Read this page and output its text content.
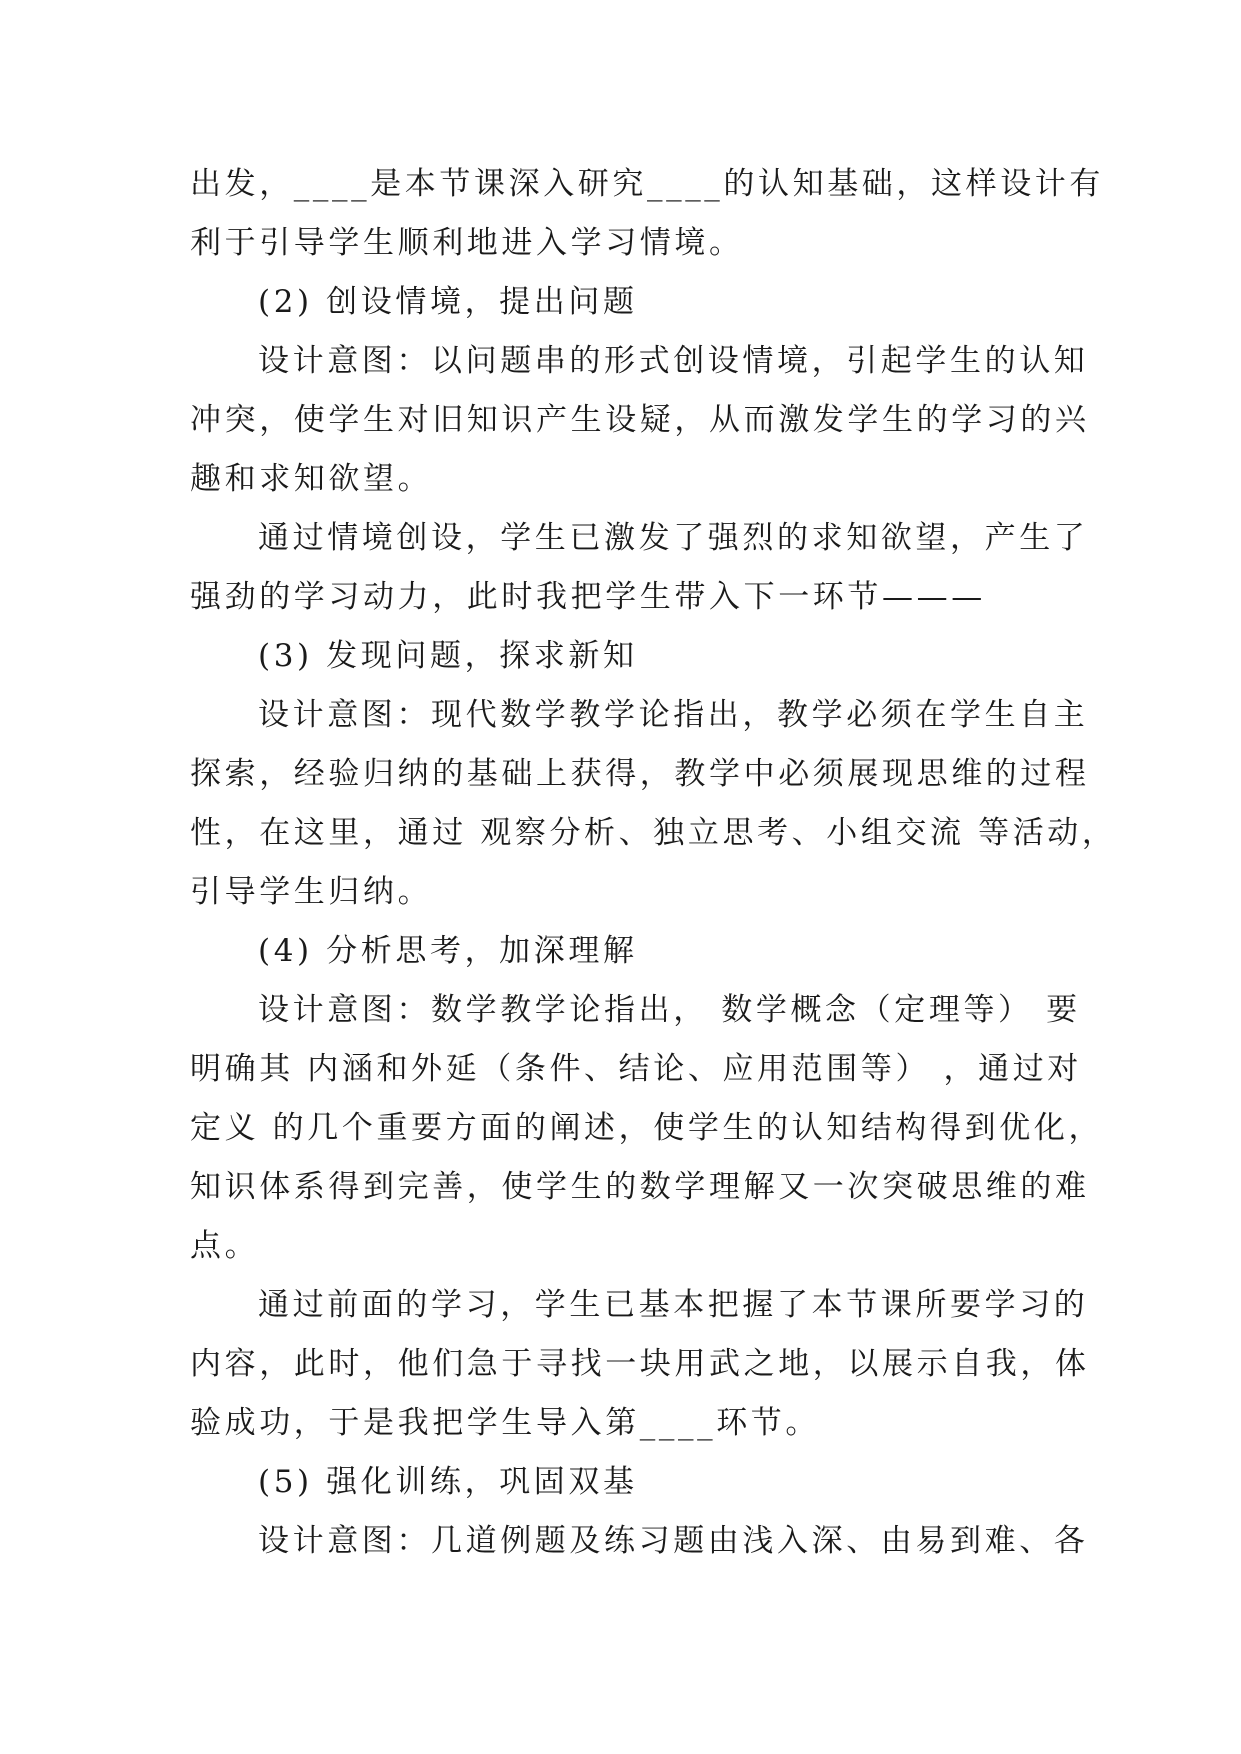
出发，____是本节课深入研究____的认知基础，这样设计有
利于引导学生顺利地进入学习情境。
(2) 创设情境，提出问题
设计意图：以问题串的形式创设情境，引起学生的认知
冲突，使学生对旧知识产生设疑，从而激发学生的学习的兴
趣和求知欲望。
通过情境创设，学生已激发了强烈的求知欲望，产生了
强劲的学习动力，此时我把学生带入下一环节———
(3) 发现问题，探求新知
设计意图：现代数学教学论指出，教学必须在学生自主
探索，经验归纳的基础上获得，教学中必须展现思维的过程
性，在这里，通过 观察分析、独立思考、小组交流 等活动，
引导学生归纳。
(4) 分析思考，加深理解
设计意图：数学教学论指出， 数学概念（定理等） 要
明确其 内涵和外延（条件、结论、应用范围等） ，通过对
定义 的几个重要方面的阐述，使学生的认知结构得到优化，
知识体系得到完善，使学生的数学理解又一次突破思维的难
点。
通过前面的学习，学生已基本把握了本节课所要学习的
内容，此时，他们急于寻找一块用武之地，以展示自我，体
验成功，于是我把学生导入第____环节。
(5) 强化训练，巩固双基
设计意图：几道例题及练习题由浅入深、由易到难、各
